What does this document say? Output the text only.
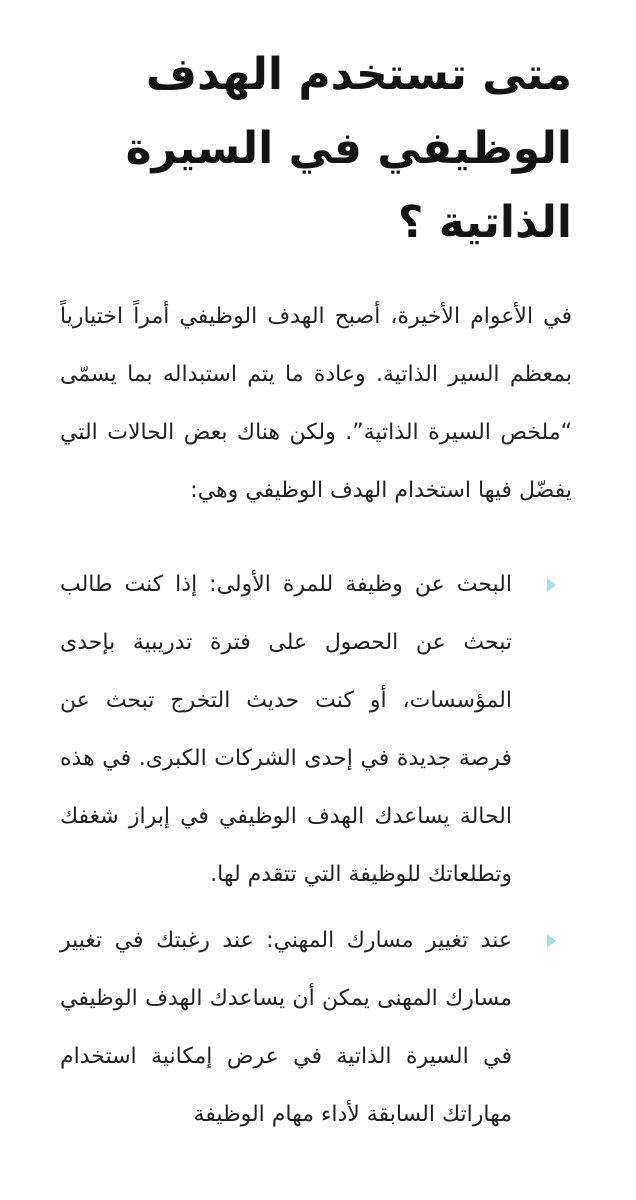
متى تستخدم الهدف الوظيفي في السيرة الذاتية ؟

في الأعوام الأخيرة، أصبح الهدف الوظيفي أمراً اختيارياً بمعظم السير الذاتية. وعادة ما يتم استبداله بما يسمّى “ملخص السيرة الذاتية”. ولكن هناك بعض الحالات التي يفضّل فيها استخدام الهدف الوظيفي وهي:

البحث عن وظيفة للمرة الأولى: إذا كنت طالب تبحث عن الحصول على فترة تدريبية بإحدى المؤسسات، أو كنت حديث التخرج تبحث عن فرصة جديدة في إحدى الشركات الكبرى. في هذه الحالة يساعدك الهدف الوظيفي في إبراز شغفك وتطلعاتك للوظيفة التي تتقدم لها.
عند تغيير مسارك المهني: عند رغبتك في تغيير مسارك المهنى يمكن أن يساعدك الهدف الوظيفي في السيرة الذاتية في عرض إمكانية استخدام مهاراتك السابقة لأداء مهام الوظيفة
